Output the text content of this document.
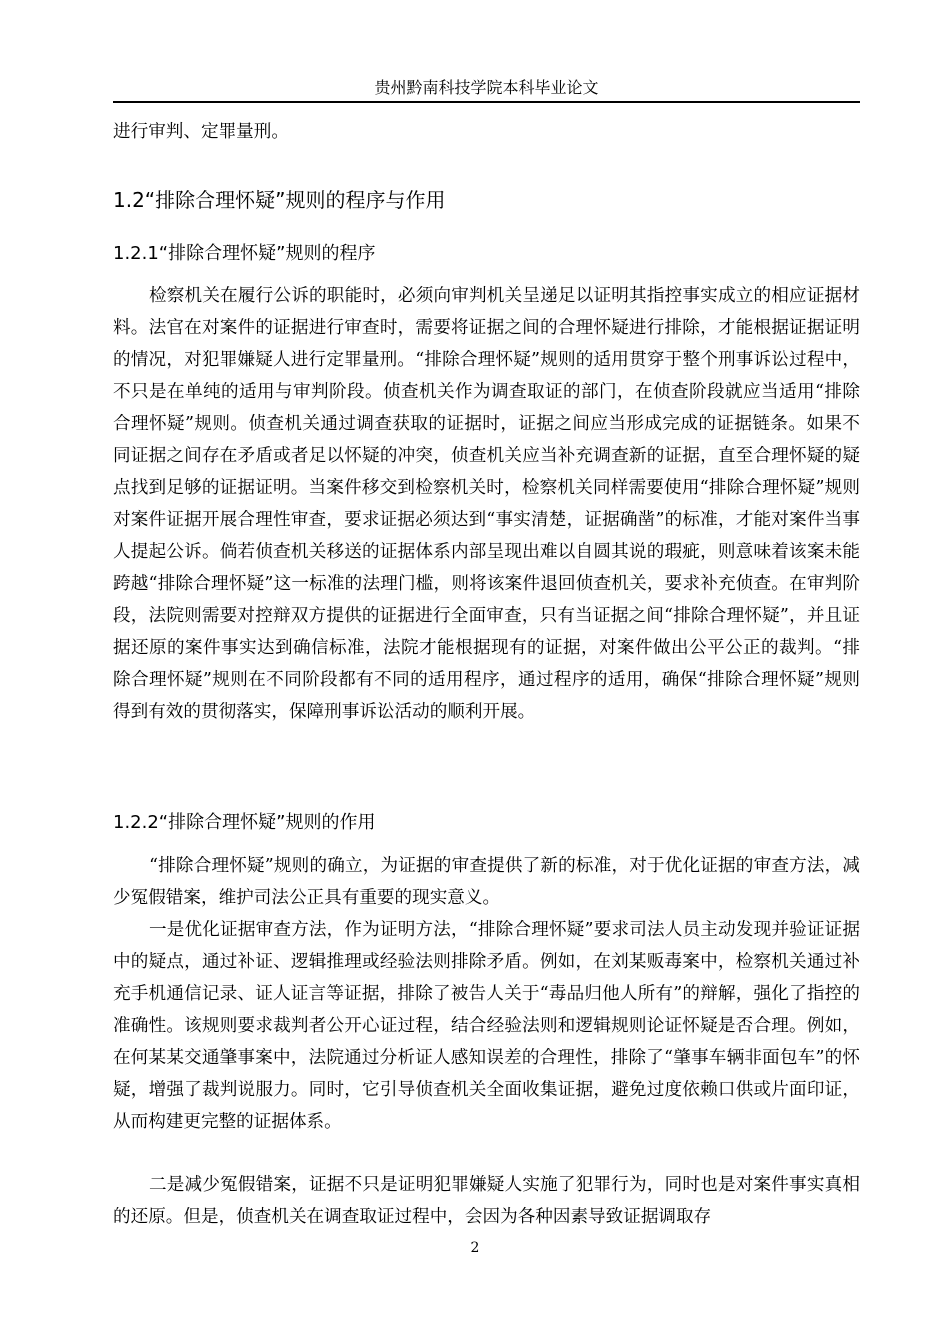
贵州黔南科技学院本科毕业论文
进行审判、定罪量刑。
1.2“排除合理怀疑”规则的程序与作用
1.2.1“排除合理怀疑”规则的程序
检察机关在履行公诉的职能时，必须向审判机关呈递足以证明其指控事实成立的相应证据材料。法官在对案件的证据进行审查时，需要将证据之间的合理怀疑进行排除，才能根据证据证明的情况，对犯罪嫌疑人进行定罪量刑。“排除合理怀疑”规则的适用贯穿于整个刑事诉讼过程中，不只是在单纯的适用与审判阶段。侦查机关作为调查取证的部门，在侦查阶段就应当适用“排除合理怀疑”规则。侦查机关通过调查获取的证据时，证据之间应当形成完成的证据链条。如果不同证据之间存在矛盾或者足以怀疑的冲突，侦查机关应当补充调查新的证据，直至合理怀疑的疑点找到足够的证据证明。当案件移交到检察机关时，检察机关同样需要使用“排除合理怀疑”规则对案件证据开展合理性审查，要求证据必须达到“事实清楚，证据确凿”的标准，才能对案件当事人提起公诉。倘若侦查机关移送的证据体系内部呈现出难以自圆其说的瑕疵，则意味着该案未能跨越“排除合理怀疑”这一标准的法理门槛，则将该案件退回侦查机关，要求补充侦查。在审判阶段，法院则需要对控辩双方提供的证据进行全面审查，只有当证据之间“排除合理怀疑”，并且证据还原的案件事实达到确信标准，法院才能根据现有的证据，对案件做出公平公正的裁判。“排除合理怀疑”规则在不同阶段都有不同的适用程序，通过程序的适用，确保“排除合理怀疑”规则得到有效的贯彻落实，保障刑事诉讼活动的顺利开展。
1.2.2“排除合理怀疑”规则的作用
“排除合理怀疑”规则的确立，为证据的审查提供了新的标准，对于优化证据的审查方法，减少冤假错案，维护司法公正具有重要的现实意义。
一是优化证据审查方法，作为证明方法，“排除合理怀疑”要求司法人员主动发现并验证证据中的疑点，通过补证、逻辑推理或经验法则排除矛盾。例如，在刘某贩毒案中，检察机关通过补充手机通信记录、证人证言等证据，排除了被告人关于“毒品归他人所有”的辩解，强化了指控的准确性。该规则要求裁判者公开心证过程，结合经验法则和逻辑规则论证怀疑是否合理。例如，在何某某交通肇事案中，法院通过分析证人感知误差的合理性，排除了“肇事车辆非面包车”的怀疑，增强了裁判说服力。同时，它引导侦查机关全面收集证据，避免过度依赖口供或片面印证，从而构建更完整的证据体系。
二是减少冤假错案，证据不只是证明犯罪嫌疑人实施了犯罪行为，同时也是对案件事实真相的还原。但是，侦查机关在调查取证过程中，会因为各种因素导致证据调取存
2
